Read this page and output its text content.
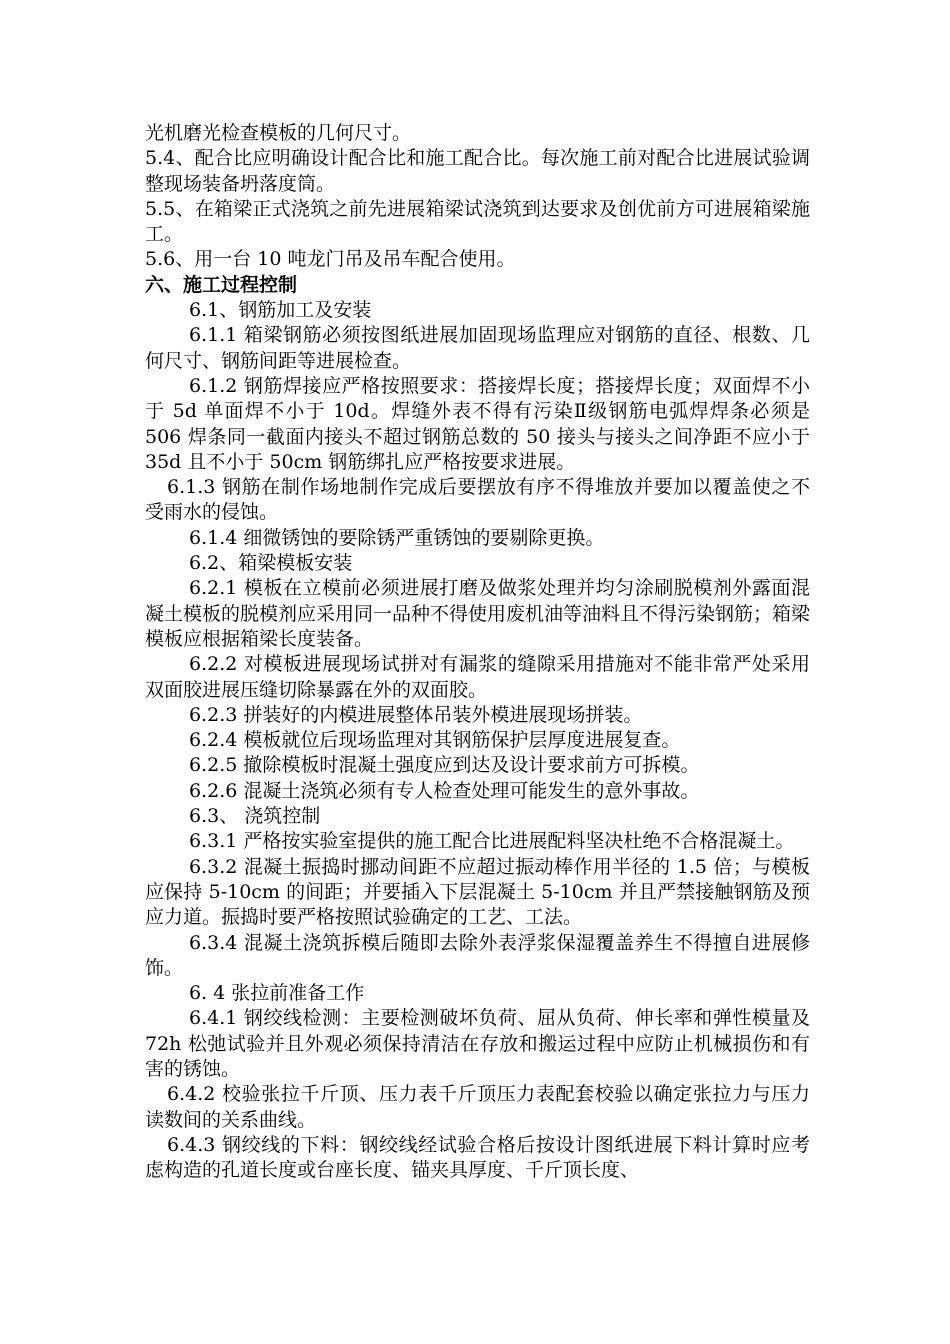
光机磨光检查模板的几何尺寸。

5.4、配合比应明确设计配合比和施工配合比。每次施工前对配合比进展试验调整现场装备坍落度筒。

5.5、在箱梁正式浇筑之前先进展箱梁试浇筑到达要求及创优前方可进展箱梁施工。

5.6、用一台 10 吨龙门吊及吊车配合使用。

六、施工过程控制

6.1、钢筋加工及安装

6.1.1 箱梁钢筋必须按图纸进展加固现场监理应对钢筋的直径、根数、几何尺寸、钢筋间距等进展检查。

6.1.2 钢筋焊接应严格按照要求：搭接焊长度；搭接焊长度；双面焊不小于 5d 单面焊不小于 10d。焊缝外表不得有污染Ⅱ级钢筋电弧焊焊条必须是 506 焊条同一截面内接头不超过钢筋总数的 50 接头与接头之间净距不应小于 35d 且不小于 50cm 钢筋绑扎应严格按要求进展。

6.1.3 钢筋在制作场地制作完成后要摆放有序不得堆放并要加以覆盖使之不受雨水的侵蚀。

6.1.4 细微锈蚀的要除锈严重锈蚀的要剔除更换。

6.2、箱梁模板安装

6.2.1 模板在立模前必须进展打磨及做浆处理并均匀涂刷脱模剂外露面混凝土模板的脱模剂应采用同一品种不得使用废机油等油料且不得污染钢筋；箱梁模板应根据箱梁长度装备。

6.2.2 对模板进展现场试拼对有漏浆的缝隙采用措施对不能非常严处采用双面胶进展压缝切除暴露在外的双面胶。

6.2.3 拼装好的内模进展整体吊装外模进展现场拼装。

6.2.4 模板就位后现场监理对其钢筋保护层厚度进展复查。

6.2.5 撤除模板时混凝土强度应到达及设计要求前方可拆模。

6.2.6 混凝土浇筑必须有专人检查处理可能发生的意外事故。

6.3、 浇筑控制

6.3.1 严格按实验室提供的施工配合比进展配料坚决杜绝不合格混凝土。

6.3.2 混凝土振捣时挪动间距不应超过振动棒作用半径的 1.5 倍；与模板应保持 5-10cm 的间距；并要插入下层混凝土 5-10cm 并且严禁接触钢筋及预应力道。振捣时要严格按照试验确定的工艺、工法。

6.3.4 混凝土浇筑拆模后随即去除外表浮浆保湿覆盖养生不得擅自进展修饰。

6. 4 张拉前准备工作

6.4.1 钢绞线检测：主要检测破坏负荷、屈从负荷、伸长率和弹性模量及 72h 松弛试验并且外观必须保持清洁在存放和搬运过程中应防止机械损伤和有害的锈蚀。

6.4.2 校验张拉千斤顶、压力表千斤顶压力表配套校验以确定张拉力与压力读数间的关系曲线。

6.4.3 钢绞线的下料：钢绞线经试验合格后按设计图纸进展下料计算时应考虑构造的孔道长度或台座长度、锚夹具厚度、千斤顶长度、
